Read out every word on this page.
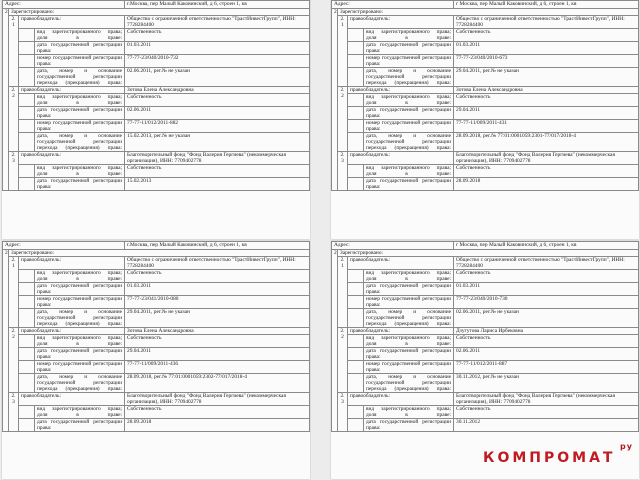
Адрес:				г.Москва, пер Малый Каковинский, д 6, строен 1, кв
2	Зарегистрировано:			
	2.1	правообладатель:		Общество с ограниченной ответственностью "ТрастИнвестГрупп", ИНН: 7728284400
			вид зарегистрированного права; доля в праве:	Собственность
			дата государственной регистрации права:	01.03.2011
			номер государственной регистрации права:	77-77-23/040/2010-732
			дата, номер и основание государственной регистрации перехода (прекращения) права:	02.06.2011, рег.№ не указан
	2.2	правообладатель:		Зотова Елена Александровна
			вид зарегистрированного права; доля в праве:	Собственность
			дата государственной регистрации права:	02.06.2011
			номер государственной регистрации права:	77-77-11/012/2011-882
			дата, номер и основание государственной регистрации перехода (прекращения) права:	15.02.2013, рег.№ не указан
	2.3	правообладатель:		Благотворительный фонд "Фонд Валерия Гергиева" (некоммерческая организация), ИНН: 7709402778
			вид зарегистрированного права; доля в праве:	Собственность
			дата государственной регистрации права:	15.02.2013
Адрес:				г Москва, пер Малый Каковинский, д 6, строен 1, кв
2	Зарегистрировано:			
	2.1	правообладатель:		Общество с ограниченной ответственностью "ТрастИнвестГрупп", ИНН: 7728284400
			вид зарегистрированного права; доля в праве:	Собственность
			дата государственной регистрации права:	01.03.2011
			номер государственной регистрации права:	77-77-23/040/2010-673
			дата, номер и основание государственной регистрации перехода (прекращения) права:	29.04.2011, рег.№ не указан
	2.2	правообладатель:		Зотова Елена Александровна
			вид зарегистрированного права; доля в праве:	Собственность
			дата государственной регистрации права:	29.04.2011
			номер государственной регистрации права:	77-77-11/009/2011-431
			дата, номер и основание государственной регистрации перехода (прекращения) права:	28.09.2018, рег.№ 77:01:0001059:2301-77/017/2018-4
	2.3	правообладатель:		Благотворительный фонд "Фонд Валерия Гергиева" (некоммерческая организация), ИНН: 7709402778
			вид зарегистрированного права; доля в праве:	Собственность
			дата государственной регистрации права:	28.09.2018
Адрес:				г.Москва, пер Малый Каковинский, д 6, строен 1, кв
2	Зарегистрировано:			
	2.1	правообладатель:		Общество с ограниченной ответственностью "ТрастИнвестГрупп", ИНН: 7728284400
			вид зарегистрированного права; доля в праве:	Собственность
			дата государственной регистрации права:	01.03.2011
			номер государственной регистрации права:	77-77-23/041/2010-080
			дата, номер и основание государственной регистрации перехода (прекращения) права:	29.04.2011, рег.№ не указан
	2.2	правообладатель:		Зотова Елена Александровна
			вид зарегистрированного права; доля в праве:	Собственность
			дата государственной регистрации права:	29.04.2011
			номер государственной регистрации права:	77-77-11/009/2011-436
			дата, номер и основание государственной регистрации перехода (прекращения) права:	28.09.2018, рег.№ 77:01:0001059:2302-77/017/2018-4
	2.3	правообладатель:		Благотворительный фонд "Фонд Валерия Гергиева" (некоммерческая организация), ИНН: 7709402778
			вид зарегистрированного права; доля в праве:	Собственность
			дата государственной регистрации права:	28.09.2018
Адрес:				г Москва, пер Малый Каковинский, д 6, строен 1, кв
2	Зарегистрировано:			
	2.1	правообладатель:		Общество с ограниченной ответственностью "ТрастИнвестГрупп", ИНН: 7728284400
			вид зарегистрированного права; доля в праве:	Собственность
			дата государственной регистрации права:	01.03.2011
			номер государственной регистрации права:	77-77-23/040/2010-730
			дата, номер и основание государственной регистрации перехода (прекращения) права:	02.06.2011, рег.№ не указан
	2.2	правообладатель:		Дзугутова Лариса Ирбековна
			вид зарегистрированного права; доля в праве:	Собственность
			дата государственной регистрации права:	02.06.2011
			номер государственной регистрации права:	77-77-11/012/2011-887
			дата, номер и основание государственной регистрации перехода (прекращения) права:	30.11.2012, рег.№ не указан
	2.3	правообладатель:		Благотворительный фонд "Фонд Валерия Гергиева" (некоммерческая организация), ИНН: 7709402778
			вид зарегистрированного права; доля в праве:	Собственность
			дата государственной регистрации права:	30.11.2012
ру
КОМПРОМАТ
